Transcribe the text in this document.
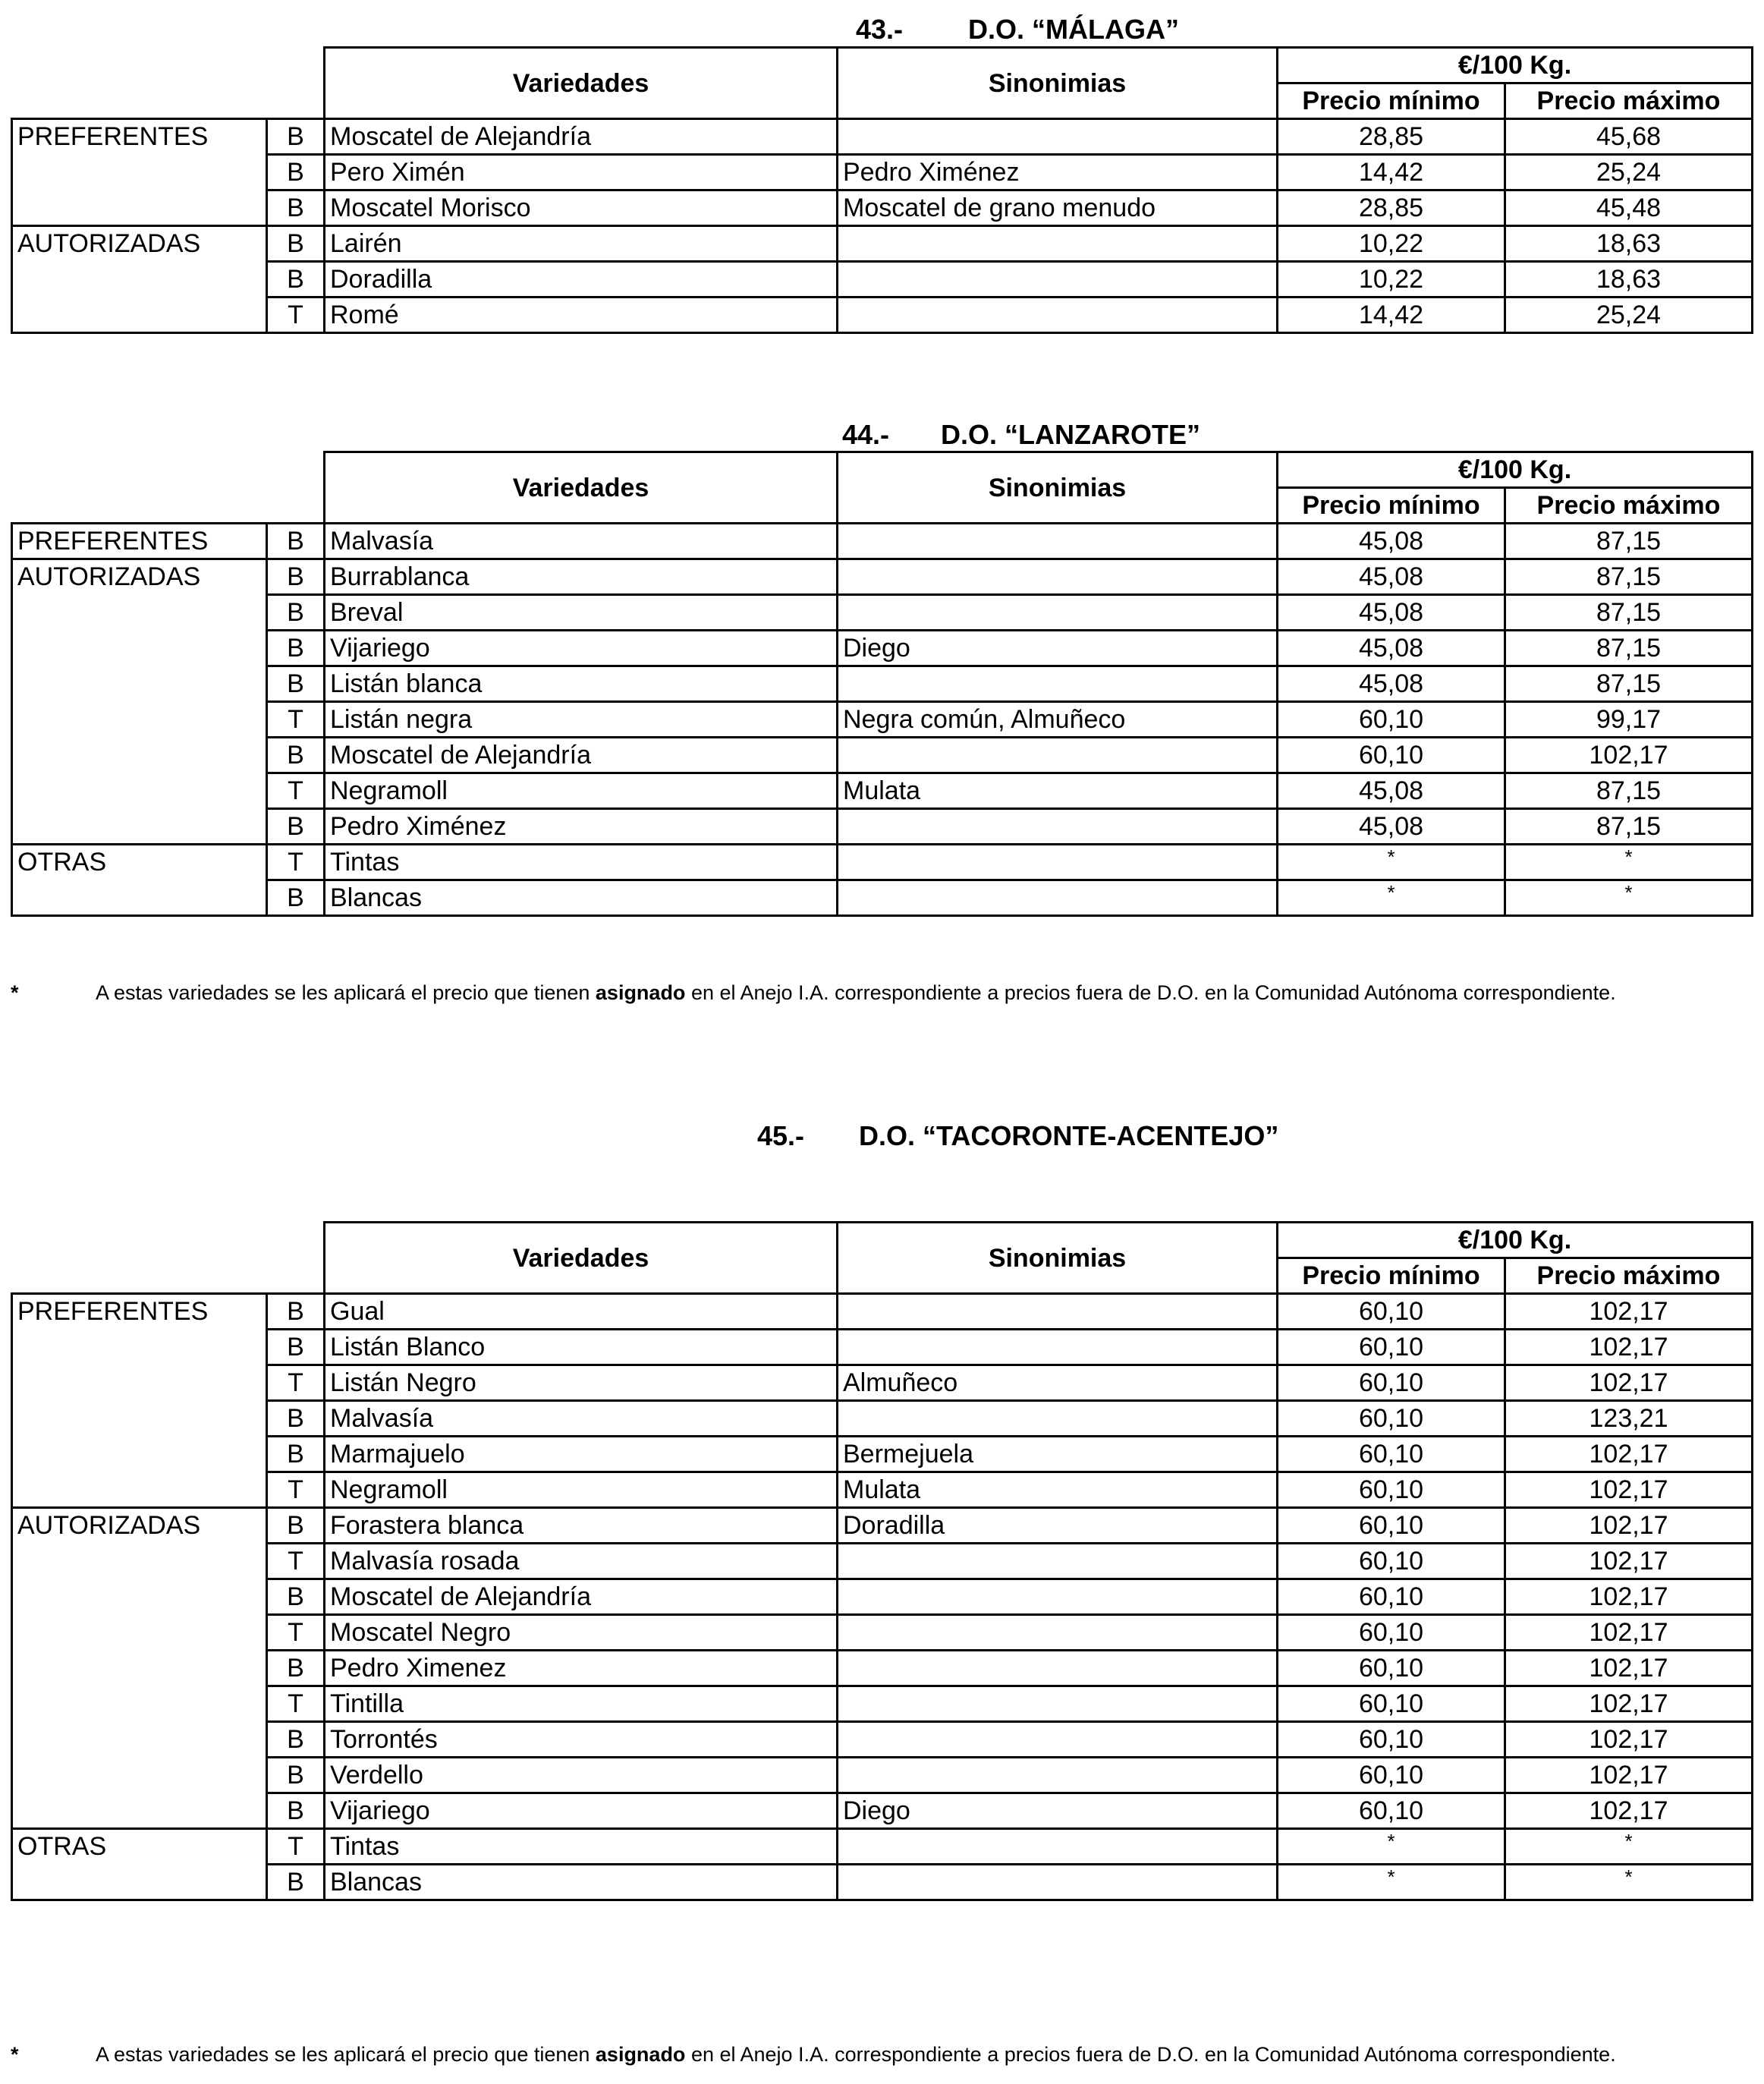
43.- D.O. “MÁLAGA”
		Variedades	Sinonimias	€/100 Kg.	
				Precio mínimo	Precio máximo
PREFERENTES	B	Moscatel de Alejandría		28,85	45,68
	B	Pero Ximén	Pedro Ximénez	14,42	25,24
	B	Moscatel Morisco	Moscatel de grano menudo	28,85	45,48
AUTORIZADAS	B	Lairén		10,22	18,63
	B	Doradilla		10,22	18,63
	T	Romé		14,42	25,24
44.- D.O. “LANZAROTE”
		Variedades	Sinonimias	€/100 Kg.	
				Precio mínimo	Precio máximo
PREFERENTES	B	Malvasía		45,08	87,15
AUTORIZADAS	B	Burrablanca		45,08	87,15
	B	Breval		45,08	87,15
	B	Vijariego	Diego	45,08	87,15
	B	Listán blanca		45,08	87,15
	T	Listán negra	Negra común, Almuñeco	60,10	99,17
	B	Moscatel de Alejandría		60,10	102,17
	T	Negramoll	Mulata	45,08	87,15
	B	Pedro Ximénez		45,08	87,15
OTRAS	T	Tintas		*	*
	B	Blancas		*	*
*	A estas variedades se les aplicará el precio que tienen asignado en el Anejo I.A. correspondiente a precios fuera de D.O. en la Comunidad Autónoma correspondiente.
45.- D.O. “TACORONTE-ACENTEJO”
		Variedades	Sinonimias	€/100 Kg.	
				Precio mínimo	Precio máximo
PREFERENTES	B	Gual		60,10	102,17
	B	Listán Blanco		60,10	102,17
	T	Listán Negro	Almuñeco	60,10	102,17
	B	Malvasía		60,10	123,21
	B	Marmajuelo	Bermejuela	60,10	102,17
	T	Negramoll	Mulata	60,10	102,17
AUTORIZADAS	B	Forastera blanca	Doradilla	60,10	102,17
	T	Malvasía rosada		60,10	102,17
	B	Moscatel de Alejandría		60,10	102,17
	T	Moscatel Negro		60,10	102,17
	B	Pedro Ximenez		60,10	102,17
	T	Tintilla		60,10	102,17
	B	Torrontés		60,10	102,17
	B	Verdello		60,10	102,17
	B	Vijariego	Diego	60,10	102,17
OTRAS	T	Tintas		*	*
	B	Blancas		*	*
*	A estas variedades se les aplicará el precio que tienen asignado en el Anejo I.A. correspondiente a precios fuera de D.O. en la Comunidad Autónoma correspondiente.
